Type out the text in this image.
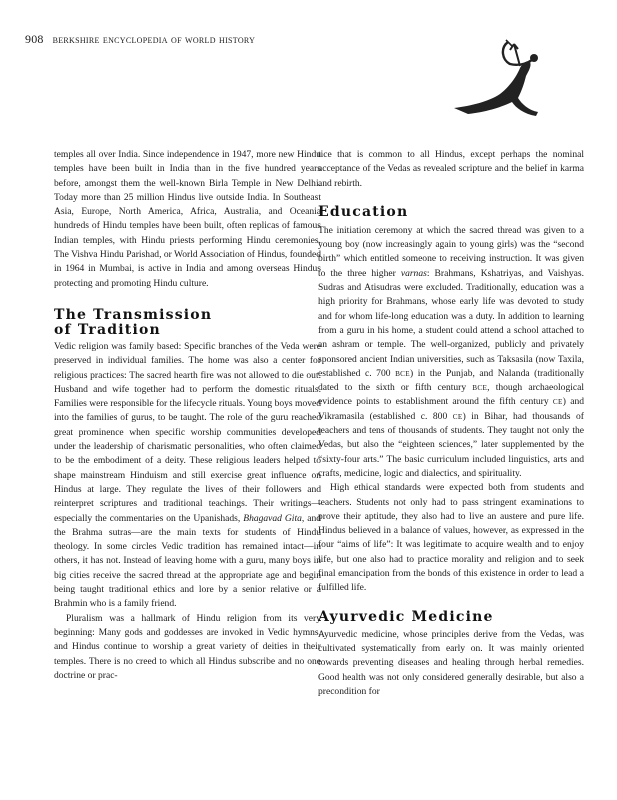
908 berkshire encyclopedia of world history

temples all over India. Since independence in 1947, more new Hindu temples have been built in India than in the five hundred years before, amongst them the well-known Birla Temple in New Delhi. Today more than 25 million Hindus live outside India. In Southeast Asia, Europe, North America, Africa, Australia, and Oceania hundreds of Hindu temples have been built, often replicas of famous Indian temples, with Hindu priests performing Hindu ceremonies. The Vishva Hindu Parishad, or World Association of Hindus, founded in 1964 in Mumbai, is active in India and among overseas Hindus protecting and promoting Hindu culture.

The Transmission
of Tradition

Vedic religion was family based: Specific branches of the Veda were preserved in individual families. The home was also a center for religious practices: The sacred hearth fire was not allowed to die out. Husband and wife together had to perform the domestic rituals. Families were responsible for the lifecycle rituals. Young boys moved into the families of gurus, to be taught. The role of the guru reached great prominence when specific worship communities developed under the leadership of charismatic personalities, who often claimed to be the embodiment of a deity. These religious leaders helped to shape mainstream Hinduism and still exercise great influence on Hindus at large. They regulate the lives of their followers and reinterpret scriptures and traditional teachings. Their writings—especially the commentaries on the Upanishads, Bhagavad Gita, and the Brahma sutras—are the main texts for students of Hindu theology. In some circles Vedic tradition has remained intact—in others, it has not. Instead of leaving home with a guru, many boys in big cities receive the sacred thread at the appropriate age and begin being taught traditional ethics and lore by a senior relative or a Brahmin who is a family friend.

Pluralism was a hallmark of Hindu religion from its very beginning: Many gods and goddesses are invoked in Vedic hymns, and Hindus continue to worship a great variety of deities in their temples. There is no creed to which all Hindus subscribe and no one doctrine or prac-

tice that is common to all Hindus, except perhaps the nominal acceptance of the Vedas as revealed scripture and the belief in karma and rebirth.

Education

The initiation ceremony at which the sacred thread was given to a young boy (now increasingly again to young girls) was the “second birth” which entitled someone to receiving instruction. It was given to the three higher varnas: Brahmans, Kshatriyas, and Vaishyas. Sudras and Atisudras were excluded. Traditionally, education was a high priority for Brahmans, whose early life was devoted to study and for whom life-long education was a duty. In addition to learning from a guru in his home, a student could attend a school attached to an ashram or temple. The well-organized, publicly and privately sponsored ancient Indian universities, such as Taksasila (now Taxila, established c. 700 BCE) in the Punjab, and Nalanda (traditionally dated to the sixth or fifth century BCE, though archaeological evidence points to establishment around the fifth century CE) and Vikramasila (established c. 800 CE) in Bihar, had thousands of teachers and tens of thousands of students. They taught not only the Vedas, but also the “eighteen sciences,” later supplemented by the “sixty-four arts.” The basic curriculum included linguistics, arts and crafts, medicine, logic and dialectics, and spirituality.

High ethical standards were expected both from students and teachers. Students not only had to pass stringent examinations to prove their aptitude, they also had to live an austere and pure life. Hindus believed in a balance of values, however, as expressed in the four “aims of life”: It was legitimate to acquire wealth and to enjoy life, but one also had to practice morality and religion and to seek final emancipation from the bonds of this existence in order to lead a fulfilled life.

Ayurvedic Medicine

Ayurvedic medicine, whose principles derive from the Vedas, was cultivated systematically from early on. It was mainly oriented towards preventing diseases and healing through herbal remedies. Good health was not only considered generally desirable, but also a precondition for
